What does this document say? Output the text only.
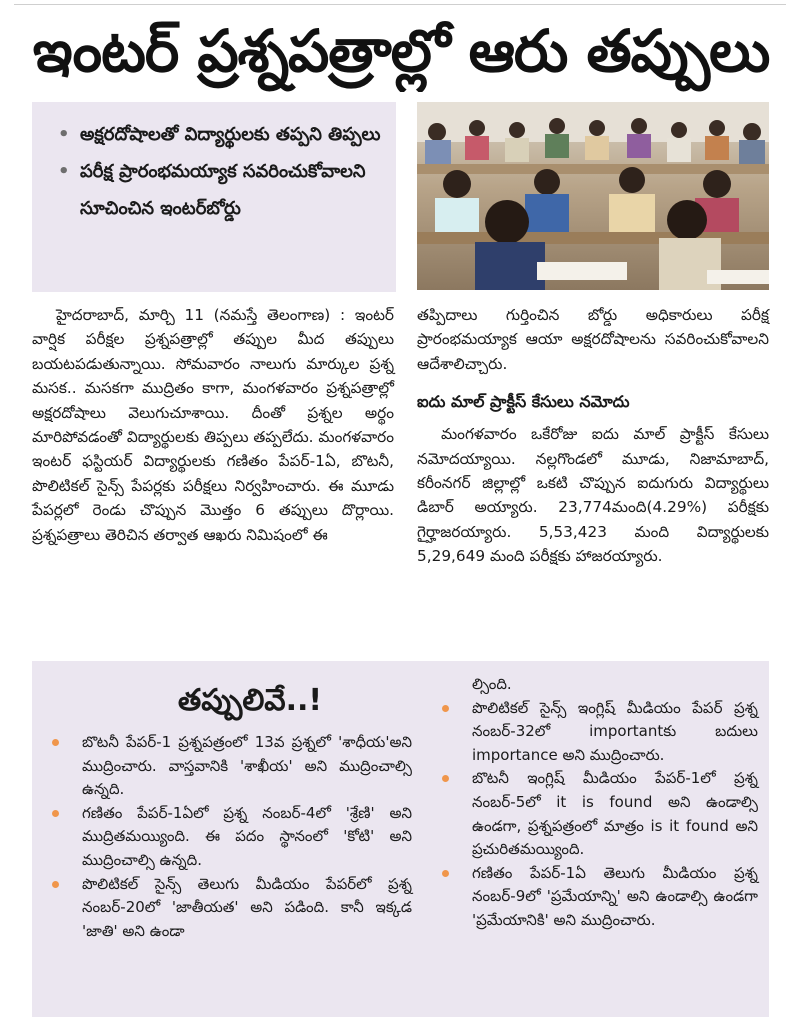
ఇంటర్ ప్రశ్నపత్రాల్లో ఆరు తప్పులు
• అక్షరదోషాలతో విద్యార్థులకు తప్పని తిప్పలు
• పరీక్ష ప్రారంభమయ్యాక సవరించుకోవాలని సూచించిన ఇంటర్‌బోర్డు

హైదరాబాద్, మార్చి 11 (నమస్తే తెలంగాణ) : ఇంటర్ వార్షిక పరీక్షల ప్రశ్నపత్రాల్లో తప్పుల మీద తప్పులు బయటపడుతున్నాయి. సోమవారం నాలుగు మార్కుల ప్రశ్న మసక.. మసకగా ముద్రితం కాగా, మంగళవారం ప్రశ్నపత్రాల్లో అక్షరదోషాలు వెలుగుచూశాయి. దీంతో ప్రశ్నల అర్థం మారిపోవడంతో విద్యార్థులకు తిప్పలు తప్పలేదు. మంగళవారం ఇంటర్ ఫస్టియర్ విద్యార్థులకు గణితం పేపర్-1ఏ, బొటనీ, పొలిటికల్ సైన్స్ పేపర్లకు పరీక్షలు నిర్వహించారు. ఈ మూడు పేపర్లలో రెండు చొప్పున మొత్తం 6 తప్పులు దొర్లాయి. ప్రశ్నపత్రాలు తెరిచిన తర్వాత ఆఖరు నిమిషంలో ఈ

తప్పిదాలు గుర్తించిన బోర్డు అధికారులు పరీక్ష ప్రారంభమయ్యాక ఆయా అక్షరదోషాలను సవరించుకోవాలని ఆదేశాలిచ్చారు.

ఐదు మాల్ ప్రాక్టీస్ కేసులు నమోదు

మంగళవారం ఒకేరోజు ఐదు మాల్ ప్రాక్టీస్ కేసులు నమోదయ్యాయి. నల్లగొండలో మూడు, నిజామాబాద్, కరీంనగర్ జిల్లాల్లో ఒకటి చొప్పున ఐదుగురు విద్యార్థులు డిబార్ అయ్యారు. 23,774మంది(4.29%) పరీక్షకు గైర్హాజరయ్యారు. 5,53,423 మంది విద్యార్థులకు 5,29,649 మంది పరీక్షకు హాజరయ్యారు.

తప్పులివే..!
బొటనీ పేపర్-1 ప్రశ్నపత్రంలో 13వ ప్రశ్నలో 'శాధీయ'అని ముద్రించారు. వాస్తవానికి 'శాఖీయ' అని ముద్రించాల్సి ఉన్నది.
గణితం పేపర్-1ఏలో ప్రశ్న నంబర్-4లో 'శ్రేణి' అని ముద్రితమయ్యింది. ఈ పదం స్థానంలో 'కోటి' అని ముద్రించాల్సి ఉన్నది.
పొలిటికల్ సైన్స్ తెలుగు మీడియం పేపర్‌లో ప్రశ్న నంబర్-20లో 'జాతీయత' అని పడింది. కానీ ఇక్కడ 'జాతి' అని ఉండా
ల్సింది.
పొలిటికల్ సైన్స్ ఇంగ్లిష్ మీడియం పేపర్ ప్రశ్న నంబర్-32లో importantకు బదులు importance అని ముద్రించారు.
బొటనీ ఇంగ్లిష్ మీడియం పేపర్-1లో ప్రశ్న నంబర్-5లో it is found అని ఉండాల్సి ఉండగా, ప్రశ్నపత్రంలో మాత్రం is it found అని ప్రచురితమయ్యింది.
గణితం పేపర్-1ఏ తెలుగు మీడియం ప్రశ్న నంబర్-9లో 'ప్రమేయాన్ని' అని ఉండాల్సి ఉండగా 'ప్రమేయానికి' అని ముద్రించారు.
